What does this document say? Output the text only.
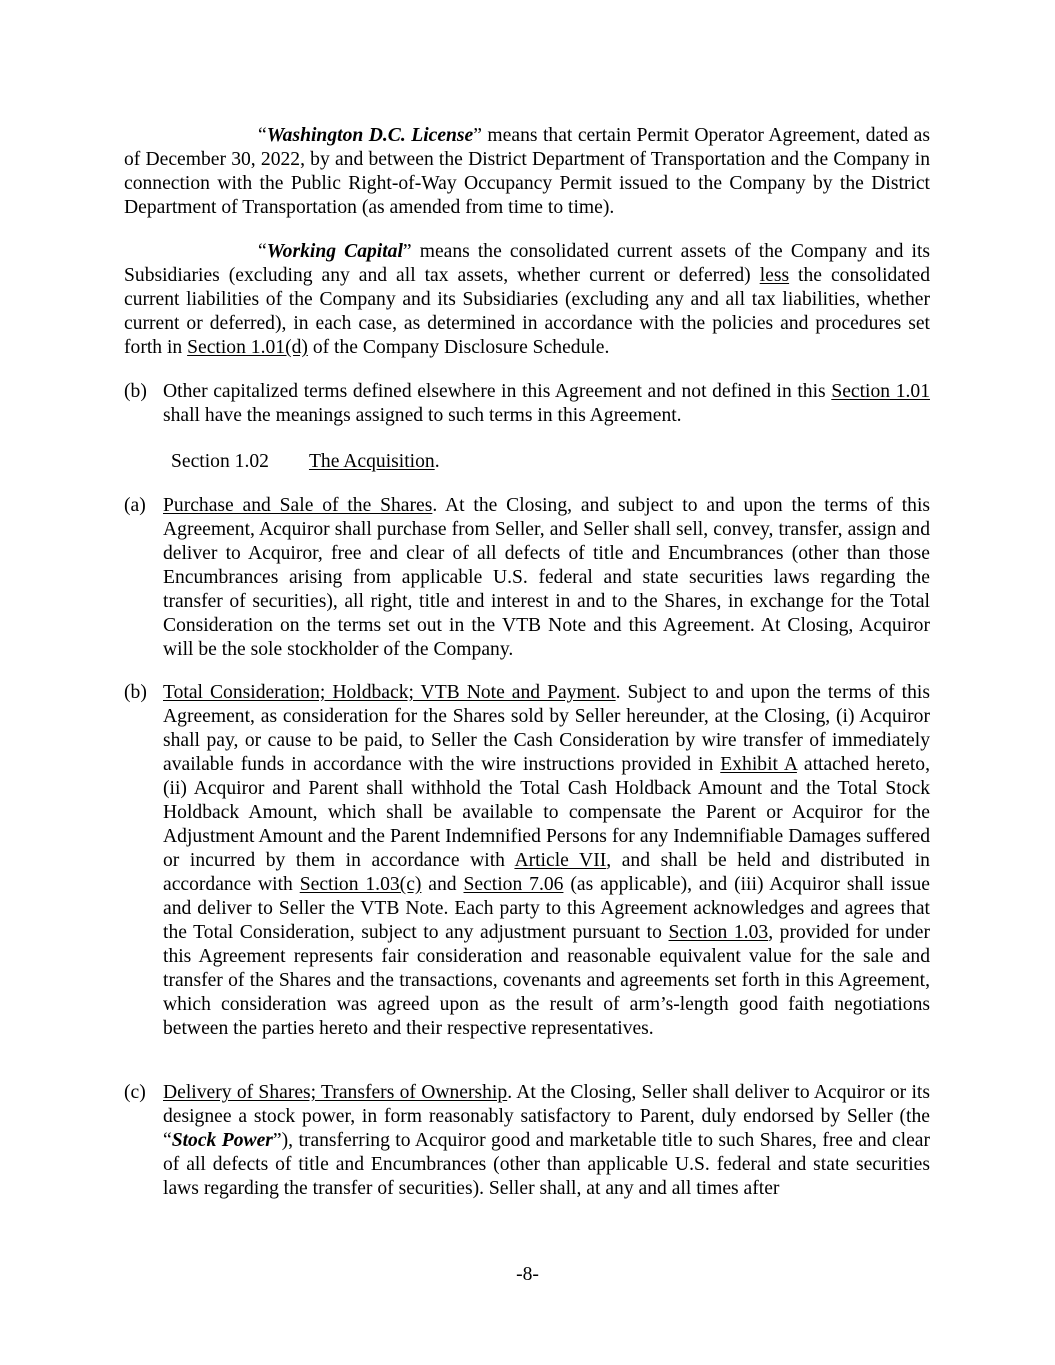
“Washington D.C. License” means that certain Permit Operator Agreement, dated as of December 30, 2022, by and between the District Department of Transportation and the Company in connection with the Public Right-of-Way Occupancy Permit issued to the Company by the District Department of Transportation (as amended from time to time).

“Working Capital” means the consolidated current assets of the Company and its Subsidiaries (excluding any and all tax assets, whether current or deferred) less the consolidated current liabilities of the Company and its Subsidiaries (excluding any and all tax liabilities, whether current or deferred), in each case, as determined in accordance with the policies and procedures set forth in Section 1.01(d) of the Company Disclosure Schedule.

(b) Other capitalized terms defined elsewhere in this Agreement and not defined in this Section 1.01 shall have the meanings assigned to such terms in this Agreement.

Section 1.02 The Acquisition.

(a) Purchase and Sale of the Shares. At the Closing, and subject to and upon the terms of this Agreement, Acquiror shall purchase from Seller, and Seller shall sell, convey, transfer, assign and deliver to Acquiror, free and clear of all defects of title and Encumbrances (other than those Encumbrances arising from applicable U.S. federal and state securities laws regarding the transfer of securities), all right, title and interest in and to the Shares, in exchange for the Total Consideration on the terms set out in the VTB Note and this Agreement. At Closing, Acquiror will be the sole stockholder of the Company.

(b) Total Consideration; Holdback; VTB Note and Payment. Subject to and upon the terms of this Agreement, as consideration for the Shares sold by Seller hereunder, at the Closing, (i) Acquiror shall pay, or cause to be paid, to Seller the Cash Consideration by wire transfer of immediately available funds in accordance with the wire instructions provided in Exhibit A attached hereto, (ii) Acquiror and Parent shall withhold the Total Cash Holdback Amount and the Total Stock Holdback Amount, which shall be available to compensate the Parent or Acquiror for the Adjustment Amount and the Parent Indemnified Persons for any Indemnifiable Damages suffered or incurred by them in accordance with Article VII, and shall be held and distributed in accordance with Section 1.03(c) and Section 7.06 (as applicable), and (iii) Acquiror shall issue and deliver to Seller the VTB Note. Each party to this Agreement acknowledges and agrees that the Total Consideration, subject to any adjustment pursuant to Section 1.03, provided for under this Agreement represents fair consideration and reasonable equivalent value for the sale and transfer of the Shares and the transactions, covenants and agreements set forth in this Agreement, which consideration was agreed upon as the result of arm’s-length good faith negotiations between the parties hereto and their respective representatives.

(c) Delivery of Shares; Transfers of Ownership. At the Closing, Seller shall deliver to Acquiror or its designee a stock power, in form reasonably satisfactory to Parent, duly endorsed by Seller (the “Stock Power”), transferring to Acquiror good and marketable title to such Shares, free and clear of all defects of title and Encumbrances (other than applicable U.S. federal and state securities laws regarding the transfer of securities). Seller shall, at any and all times after

-8-
